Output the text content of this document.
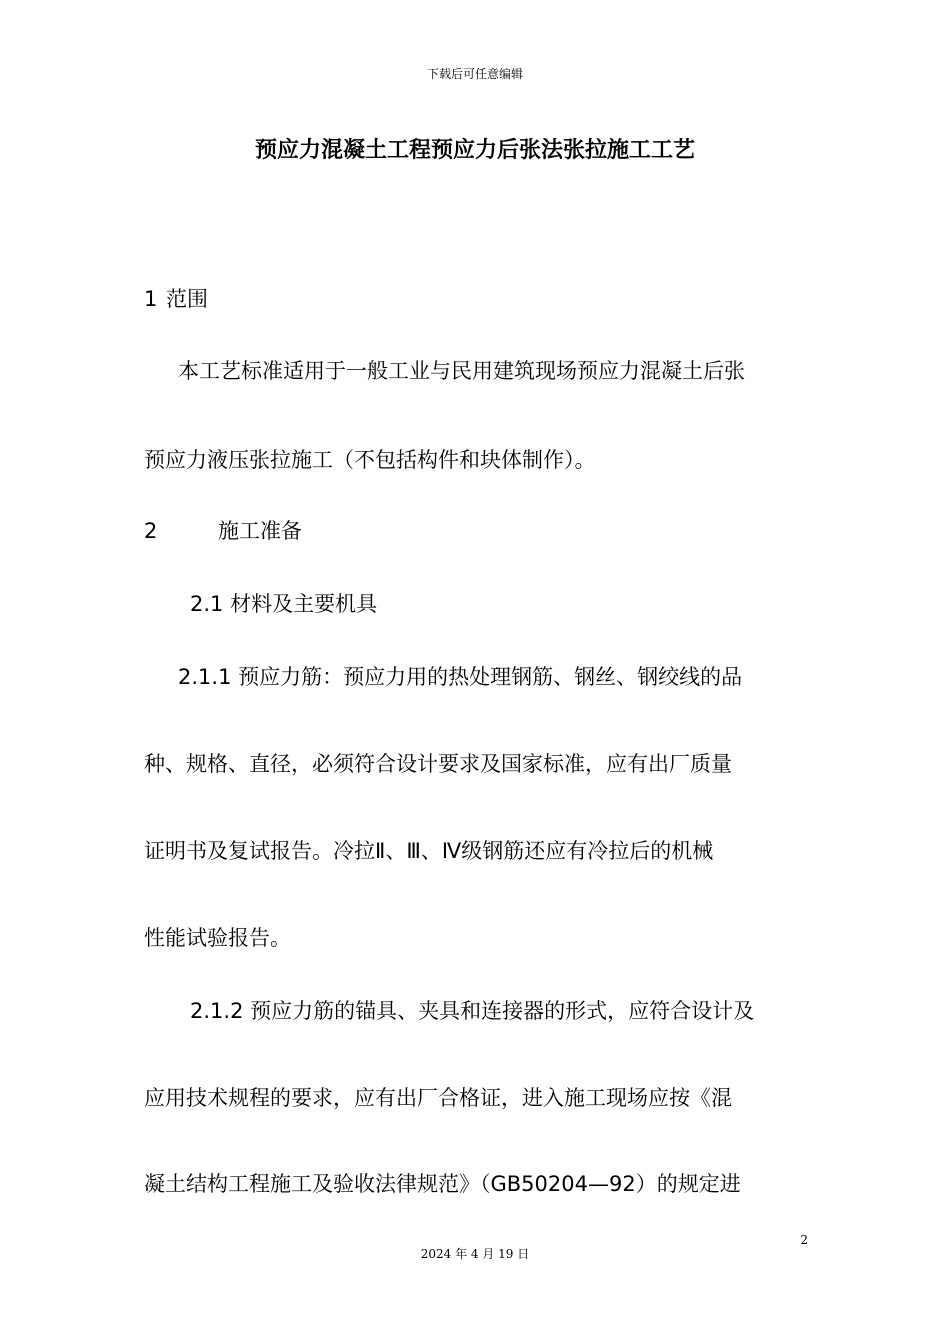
下载后可任意编辑
预应力混凝土工程预应力后张法张拉施工工艺
1 范围

本工艺标准适用于一般工业与民用建筑现场预应力混凝土后张

预应力液压张拉施工（不包括构件和块体制作）。

2	施工准备
2.1 材料及主要机具

2.1.1 预应力筋：预应力用的热处理钢筋、钢丝、钢绞线的品

种、规格、直径，必须符合设计要求及国家标准，应有出厂质量

证明书及复试报告。冷拉Ⅱ、Ⅲ、Ⅳ级钢筋还应有冷拉后的机械

性能试验报告。

2.1.2 预应力筋的锚具、夹具和连接器的形式，应符合设计及

应用技术规程的要求，应有出厂合格证，进入施工现场应按《混

凝土结构工程施工及验收法律规范》（GB50204—92）的规定进

2
2024 年 4 月 19 日
